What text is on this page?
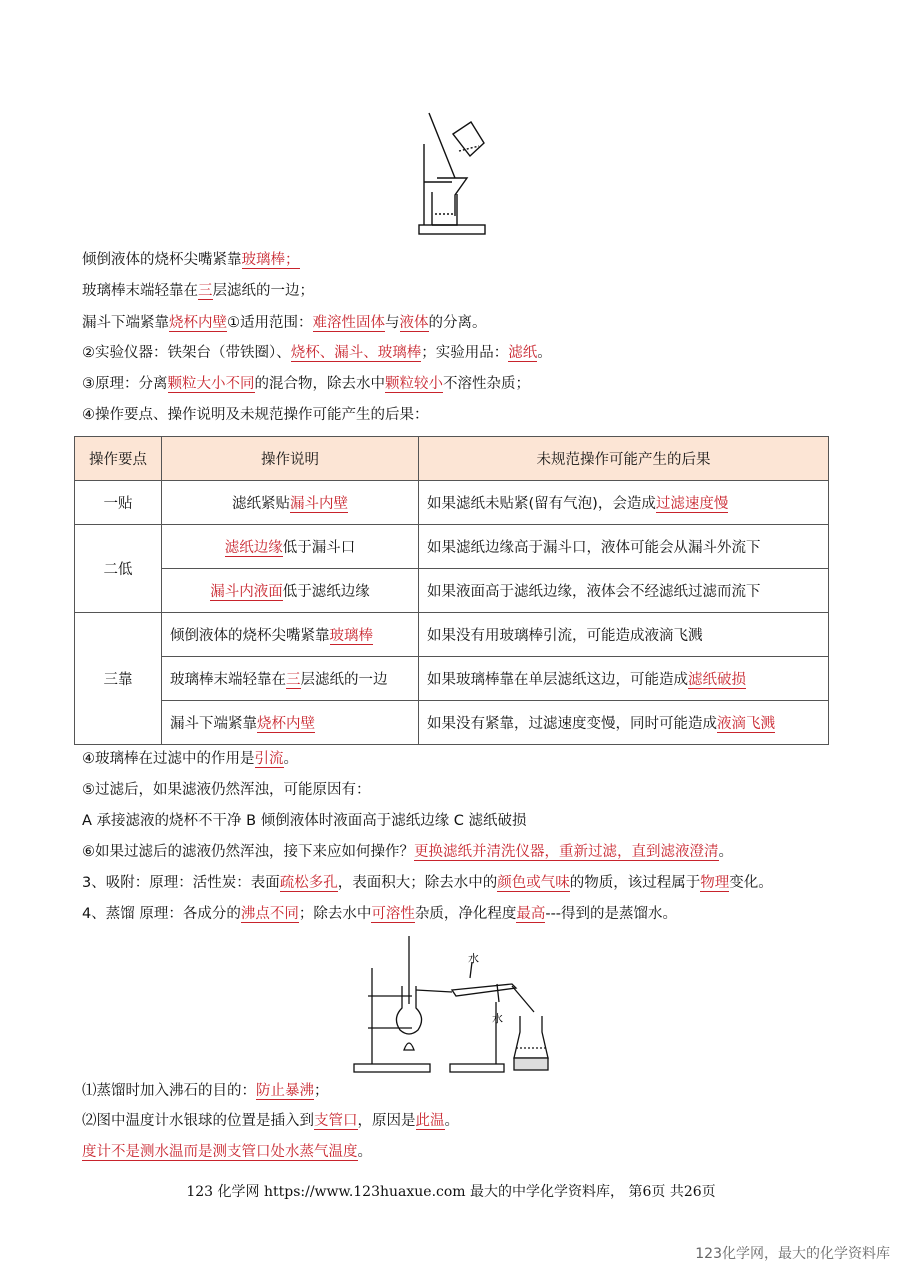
倾倒液体的烧杯尖嘴紧靠玻璃棒；
玻璃棒末端轻靠在三层滤纸的一边；
漏斗下端紧靠烧杯内壁①适用范围：难溶性固体与液体的分离。
②实验仪器：铁架台（带铁圈）、烧杯、漏斗、玻璃棒；实验用品：滤纸。
③原理：分离颗粒大小不同的混合物，除去水中颗粒较小不溶性杂质；
④操作要点、操作说明及未规范操作可能产生的后果：
操作要点	操作说明	未规范操作可能产生的后果
一贴	滤纸紧贴漏斗内壁	如果滤纸未贴紧(留有气泡)，会造成过滤速度慢
二低	滤纸边缘低于漏斗口	如果滤纸边缘高于漏斗口，液体可能会从漏斗外流下
	漏斗内液面低于滤纸边缘	如果液面高于滤纸边缘，液体会不经滤纸过滤而流下
三靠	倾倒液体的烧杯尖嘴紧靠玻璃棒	如果没有用玻璃棒引流，可能造成液滴飞溅
	玻璃棒末端轻靠在三层滤纸的一边	如果玻璃棒靠在单层滤纸这边，可能造成滤纸破损
	漏斗下端紧靠烧杯内壁	如果没有紧靠，过滤速度变慢，同时可能造成液滴飞溅
④玻璃棒在过滤中的作用是引流。
⑤过滤后，如果滤液仍然浑浊，可能原因有：
A 承接滤液的烧杯不干净 B 倾倒液体时液面高于滤纸边缘 C 滤纸破损
⑥如果过滤后的滤液仍然浑浊，接下来应如何操作？更换滤纸并清洗仪器，重新过滤，直到滤液澄清。
3、吸附：原理：活性炭：表面疏松多孔，表面积大；除去水中的颜色或气味的物质，该过程属于物理变化。
4、蒸馏 原理：各成分的沸点不同；除去水中可溶性杂质，净化程度最高---得到的是蒸馏水。
水
水
⑴蒸馏时加入沸石的目的：防止暴沸；
⑵图中温度计水银球的位置是插入到支管口，原因是此温。
度计不是测水温而是测支管口处水蒸气温度。
123 化学网 https://www.123huaxue.com 最大的中学化学资料库， 第6页 共26页
123化学网，最大的化学资料库
